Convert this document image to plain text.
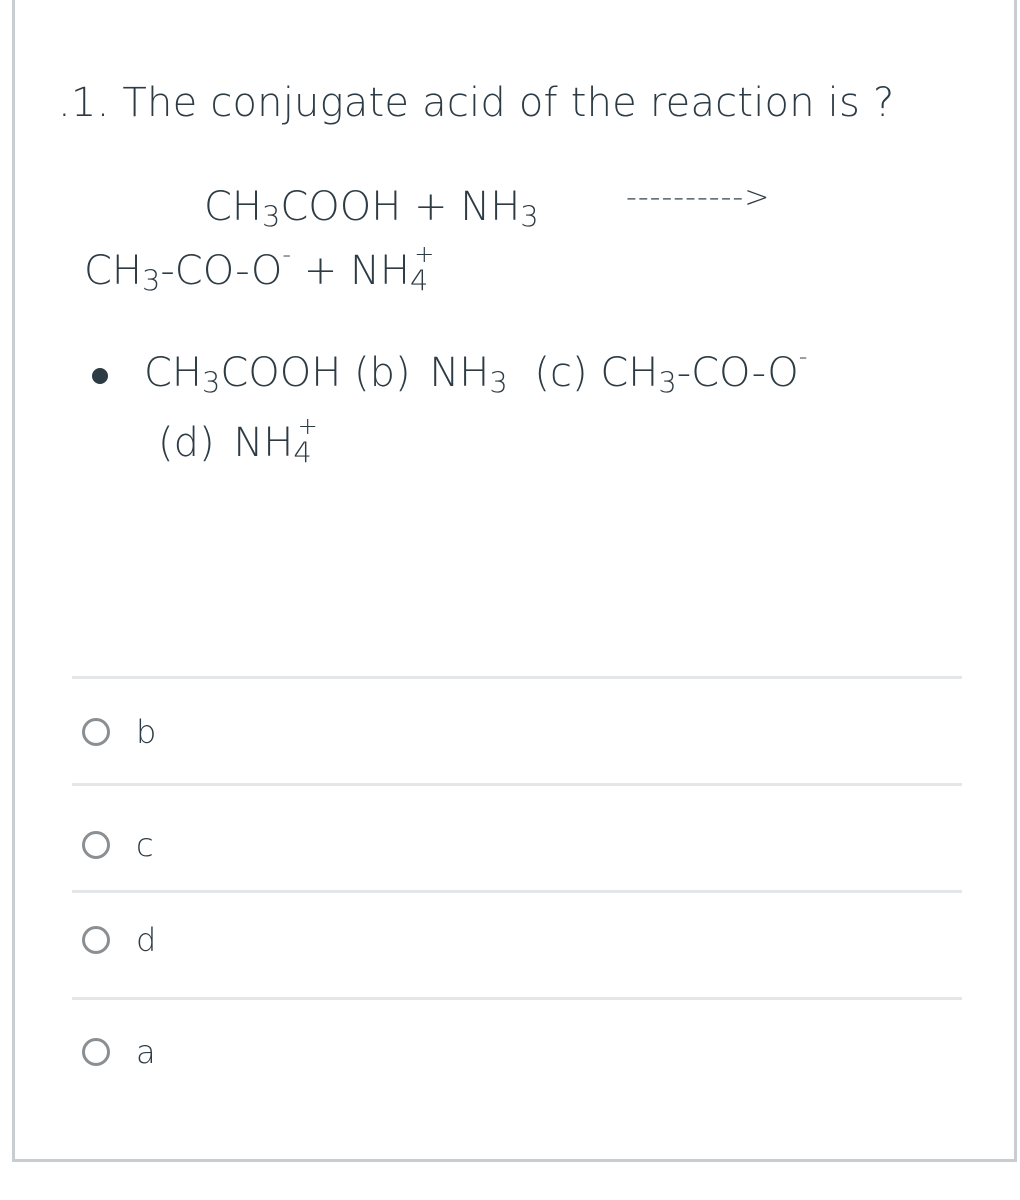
.1. The conjugate acid of the reaction is ?
$CH_3COOH + NH_3$
---------->
$CH_3-CO-O^- + NH_4^+$
$CH_3COOH$ (b) $NH_3$ (c) $CH_3-CO-O^-$
(d) $NH_4^+$
b
c
d
a
